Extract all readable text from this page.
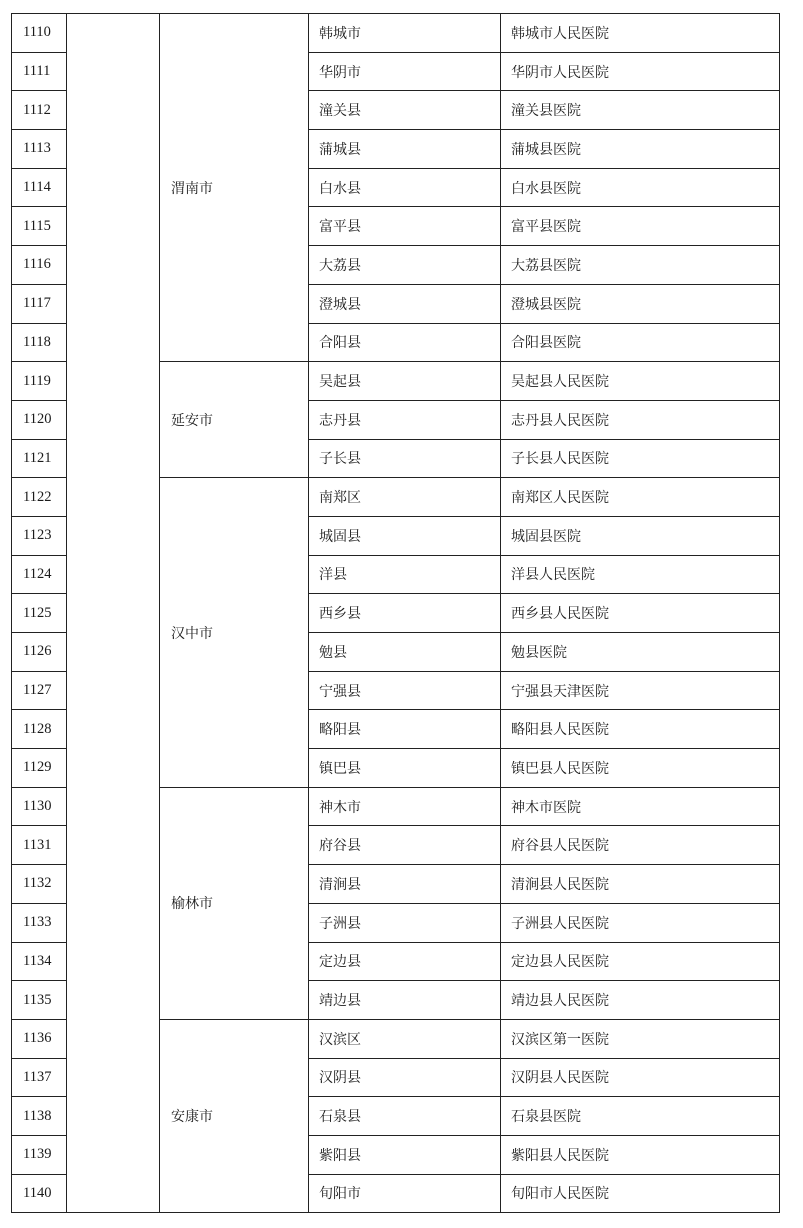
1110		渭南市	韩城市	韩城市人民医院
1111			华阴市	华阴市人民医院
1112			潼关县	潼关县医院
1113			蒲城县	蒲城县医院
1114			白水县	白水县医院
1115			富平县	富平县医院
1116			大荔县	大荔县医院
1117			澄城县	澄城县医院
1118			合阳县	合阳县医院
1119		延安市	吴起县	吴起县人民医院
1120			志丹县	志丹县人民医院
1121			子长县	子长县人民医院
1122		汉中市	南郑区	南郑区人民医院
1123			城固县	城固县医院
1124			洋县	洋县人民医院
1125			西乡县	西乡县人民医院
1126			勉县	勉县医院
1127			宁强县	宁强县天津医院
1128			略阳县	略阳县人民医院
1129			镇巴县	镇巴县人民医院
1130		榆林市	神木市	神木市医院
1131			府谷县	府谷县人民医院
1132			清涧县	清涧县人民医院
1133			子洲县	子洲县人民医院
1134			定边县	定边县人民医院
1135			靖边县	靖边县人民医院
1136		安康市	汉滨区	汉滨区第一医院
1137			汉阴县	汉阴县人民医院
1138			石泉县	石泉县医院
1139			紫阳县	紫阳县人民医院
1140			旬阳市	旬阳市人民医院
